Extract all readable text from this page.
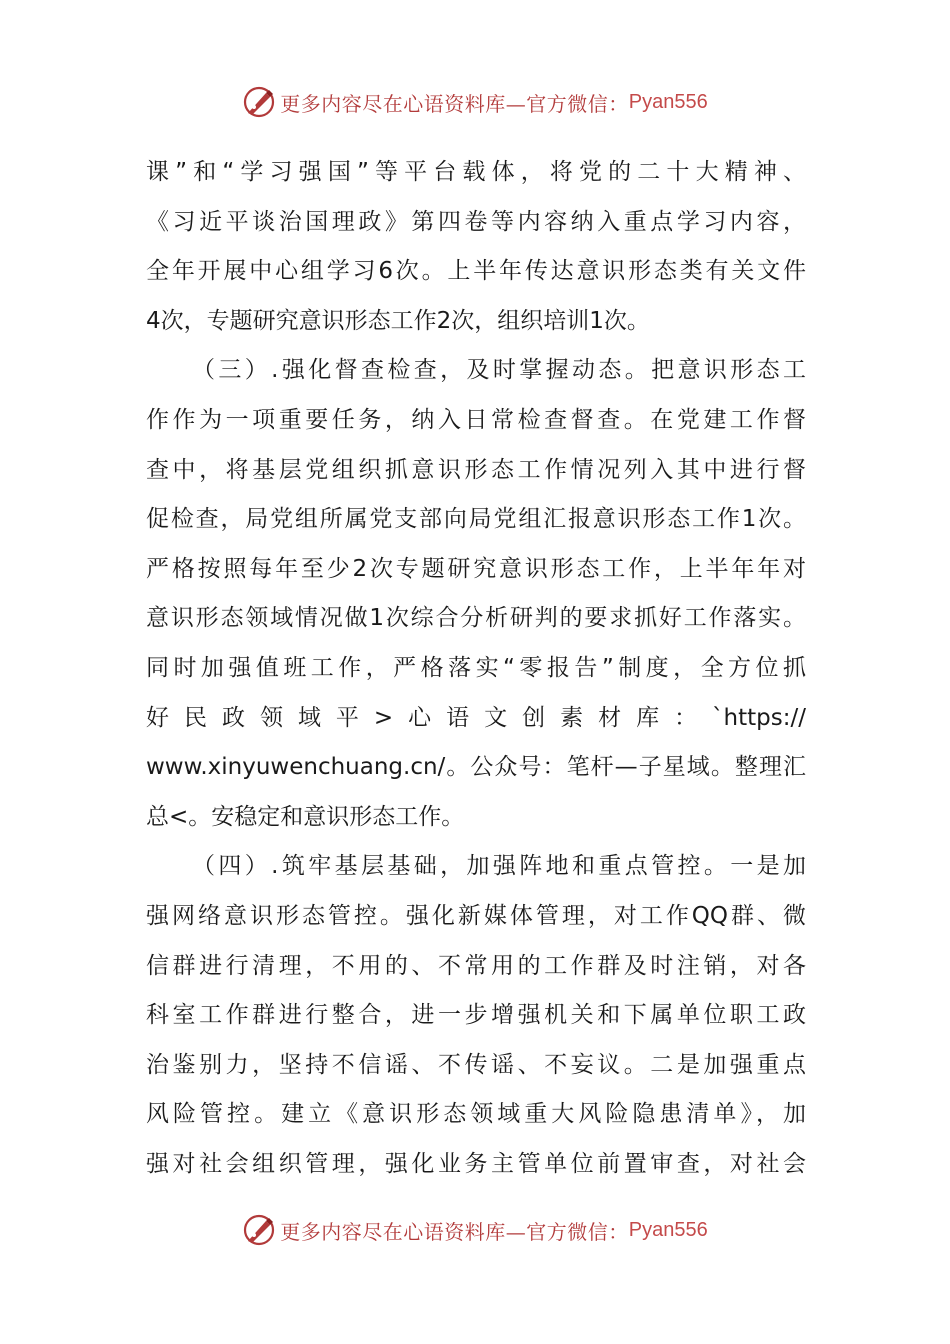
更多内容尽在心语资料库—官方微信： Pyan556
课”和“学习强国”等平台载体，将党的二十大精神、
《习近平谈治国理政》第四卷等内容纳入重点学习内容，
全年开展中心组学习6次。上半年传达意识形态类有关文件
4次，专题研究意识形态工作2次，组织培训1次。
（三）.强化督查检查，及时掌握动态。把意识形态工
作作为一项重要任务，纳入日常检查督查。在党建工作督
查中，将基层党组织抓意识形态工作情况列入其中进行督
促检查，局党组所属党支部向局党组汇报意识形态工作1次。
严格按照每年至少2次专题研究意识形态工作，上半年年对
意识形态领域情况做1次综合分析研判的要求抓好工作落实。
同时加强值班工作，严格落实“零报告”制度，全方位抓
好民政领域平>心语文创素材库：`https://
www.xinyuwenchuang.cn/。公众号：笔杆—子星域。整理汇
总<。安稳定和意识形态工作。
（四）.筑牢基层基础，加强阵地和重点管控。一是加
强网络意识形态管控。强化新媒体管理，对工作QQ群、微
信群进行清理，不用的、不常用的工作群及时注销，对各
科室工作群进行整合，进一步增强机关和下属单位职工政
治鉴别力，坚持不信谣、不传谣、不妄议。二是加强重点
风险管控。建立《意识形态领域重大风险隐患清单》，加
强对社会组织管理，强化业务主管单位前置审查，对社会
更多内容尽在心语资料库—官方微信： Pyan556
